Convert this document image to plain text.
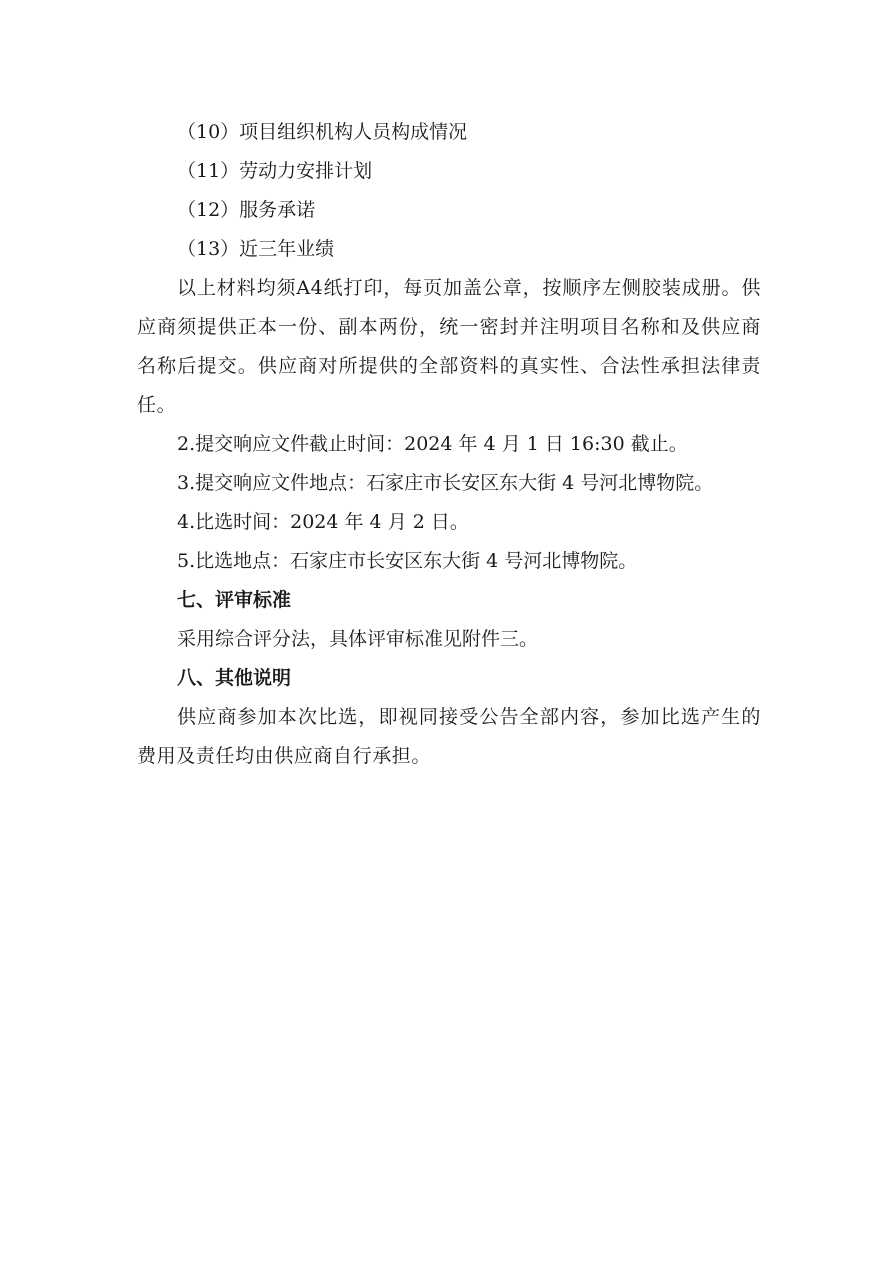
（10）项目组织机构人员构成情况

（11）劳动力安排计划

（12）服务承诺

（13）近三年业绩

以上材料均须A4纸打印，每页加盖公章，按顺序左侧胶装成册。供应商须提供正本一份、副本两份，统一密封并注明项目名称和及供应商名称后提交。供应商对所提供的全部资料的真实性、合法性承担法律责任。

2.提交响应文件截止时间：2024 年 4 月 1 日 16:30 截止。

3.提交响应文件地点：石家庄市长安区东大街 4 号河北博物院。

4.比选时间：2024 年 4 月 2 日。

5.比选地点：石家庄市长安区东大街 4 号河北博物院。

七、评审标准

采用综合评分法，具体评审标准见附件三。

八、其他说明

供应商参加本次比选，即视同接受公告全部内容，参加比选产生的费用及责任均由供应商自行承担。
